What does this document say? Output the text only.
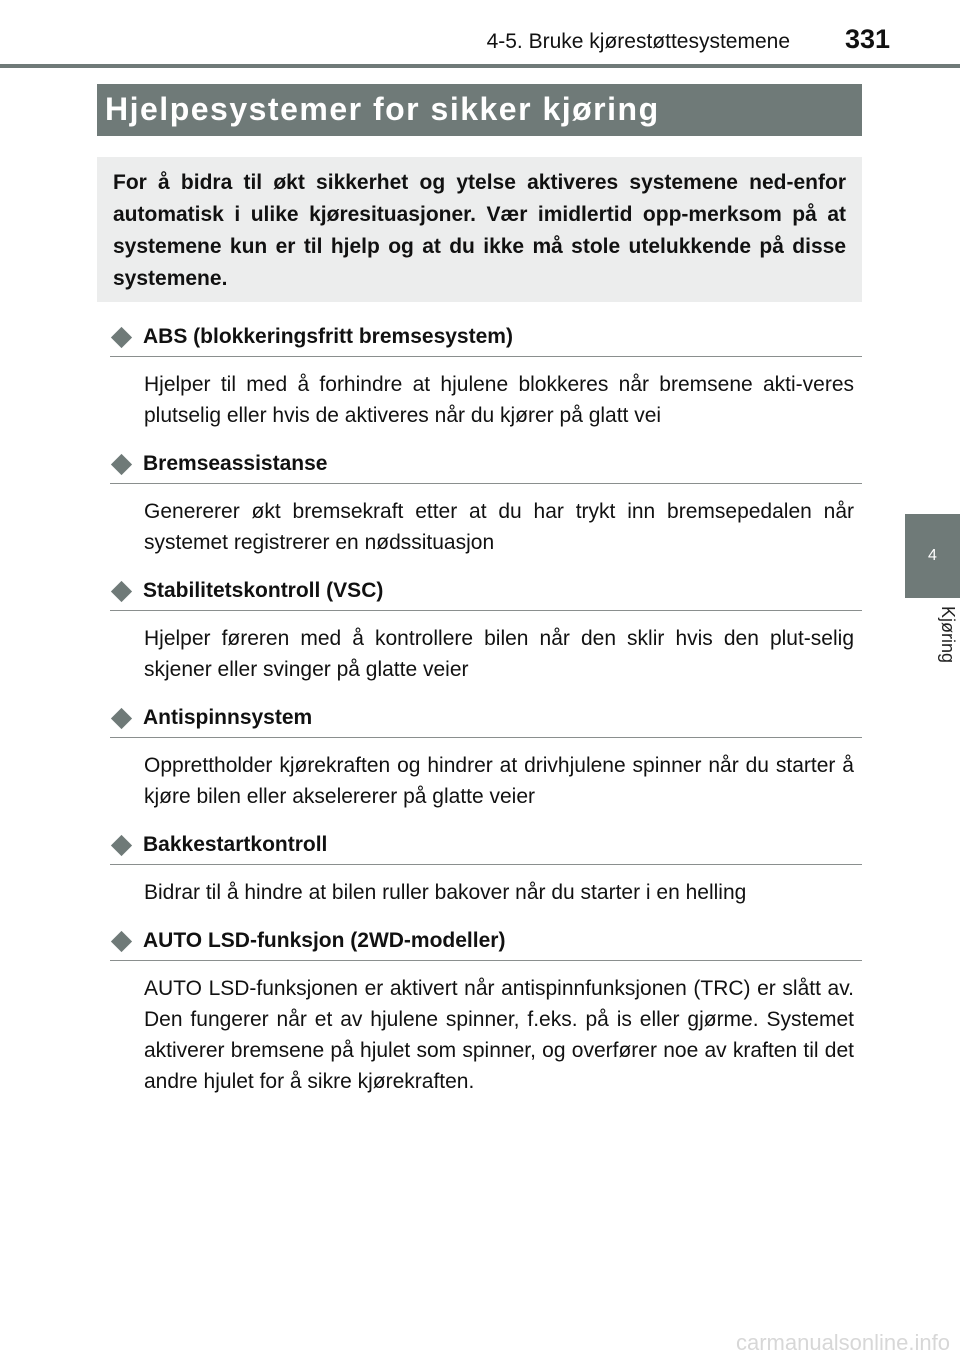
4-5. Bruke kjørestøttesystemene	331
4
Kjøring
Hjelpesystemer for sikker kjøring
For å bidra til økt sikkerhet og ytelse aktiveres systemene ned-enfor automatisk i ulike kjøresituasjoner. Vær imidlertid opp-merksom på at systemene kun er til hjelp og at du ikke må stole utelukkende på disse systemene.
ABS (blokkeringsfritt bremsesystem)
Hjelper til med å forhindre at hjulene blokkeres når bremsene akti-veres plutselig eller hvis de aktiveres når du kjører på glatt vei
Bremseassistanse
Genererer økt bremsekraft etter at du har trykt inn bremsepedalen når systemet registrerer en nødssituasjon
Stabilitetskontroll (VSC)
Hjelper føreren med å kontrollere bilen når den sklir hvis den plut-selig skjener eller svinger på glatte veier
Antispinnsystem
Opprettholder kjørekraften og hindrer at drivhjulene spinner når du starter å kjøre bilen eller akselererer på glatte veier
Bakkestartkontroll
Bidrar til å hindre at bilen ruller bakover når du starter i en helling
AUTO LSD-funksjon (2WD-modeller)
AUTO LSD-funksjonen er aktivert når antispinnfunksjonen (TRC) er slått av. Den fungerer når et av hjulene spinner, f.eks. på is eller gjørme. Systemet aktiverer bremsene på hjulet som spinner, og overfører noe av kraften til det andre hjulet for å sikre kjørekraften.
carmanualsonline.info
